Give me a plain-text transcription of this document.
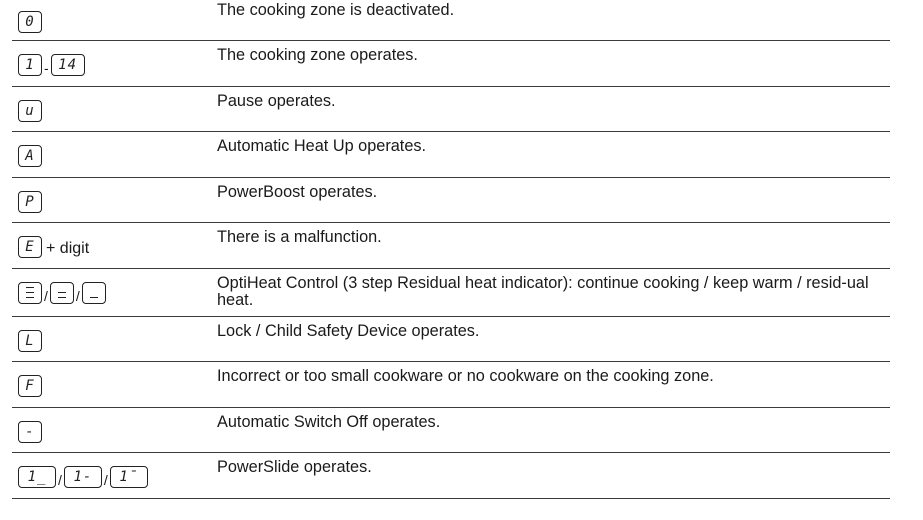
0
The cooking zone is deactivated.
1 - 14
The cooking zone operates.
u
Pause operates.
A
Automatic Heat Up operates.
P
PowerBoost operates.
E + digit
There is a malfunction.
/ /
OptiHeat Control (3 step Residual heat indicator): continue cooking / keep warm / resid-ual heat.
L
Lock / Child Safety Device operates.
F
Incorrect or too small cookware or no cookware on the cooking zone.
-
Automatic Switch Off operates.
1_ / 1- / 1¯
PowerSlide operates.
